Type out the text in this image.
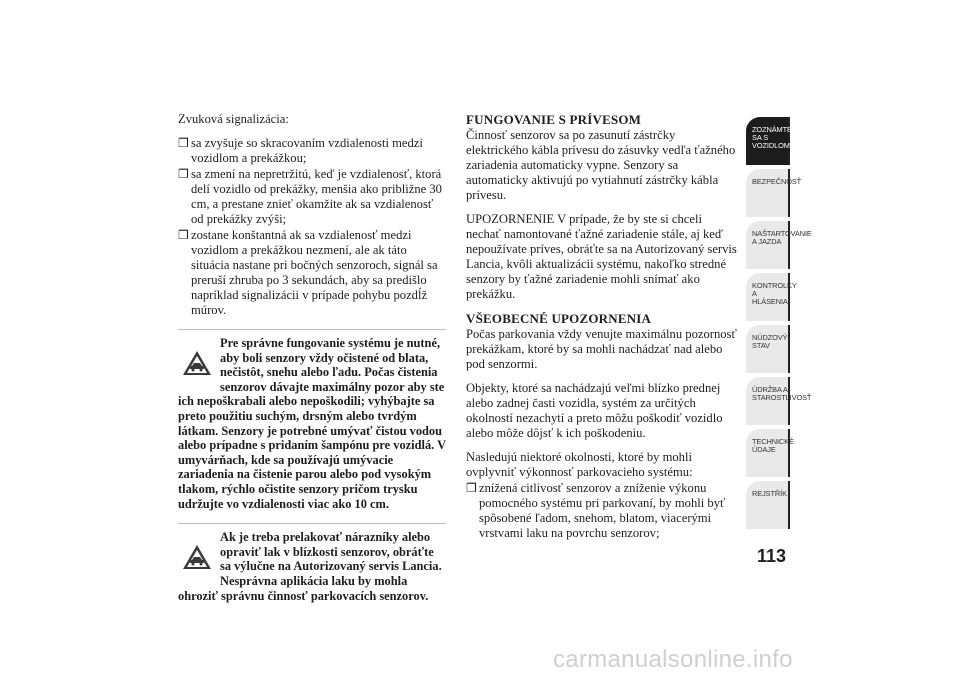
Zvuková signalizácia:

❒ sa zvyšuje so skracovaním vzdialenosti medzi vozidlom a prekážkou;
❒ sa zmení na nepretržitú, keď je vzdialenosť, ktorá delí vozidlo od prekážky, menšia ako približne 30 cm, a prestane znieť okamžite ak sa vzdialenosť od prekážky zvýši;
❒ zostane konštantná ak sa vzdialenosť medzi vozidlom a prekážkou nezmení, ale ak táto situácia nastane pri bočných senzoroch, signál sa preruší zhruba po 3 sekundách, aby sa predišlo napríklad signalizácii v prípade pohybu pozdĺž múrov.
Pre správne fungovanie systému je nutné, aby boli senzory vždy očistené od blata, nečistôt, snehu alebo ľadu. Počas čistenia senzorov dávajte maximálny pozor aby ste ich nepoškrabali alebo nepoškodili; vyhýbajte sa preto použitiu suchým, drsným alebo tvrdým látkam. Senzory je potrebné umývať čistou vodou alebo prípadne s pridaním šampónu pre vozidlá. V umyvárňach, kde sa používajú umývacie zariadenia na čistenie parou alebo pod vysokým tlakom, rýchlo očistite senzory pričom trysku udržujte vo vzdialenosti viac ako 10 cm.
Ak je treba prelakovať nárazníky alebo opraviť lak v blízkosti senzorov, obráťte sa výlučne na Autorizovaný servis Lancia. Nesprávna aplikácia laku by mohla ohroziť správnu činnosť parkovacích senzorov.
FUNGOVANIE S PRÍVESOM

Činnosť senzorov sa po zasunutí zástrčky elektrického kábla prívesu do zásuvky vedľa ťažného zariadenia automaticky vypne. Senzory sa automaticky aktivujú po vytiahnutí zástrčky kábla prívesu.

UPOZORNENIE V prípade, že by ste si chceli nechať namontované ťažné zariadenie stále, aj keď nepoužívate príves, obráťte sa na Autorizovaný servis Lancia, kvôli aktualizácii systému, nakoľko stredné senzory by ťažné zariadenie mohli snímať ako prekážku.

VŠEOBECNÉ UPOZORNENIA

Počas parkovania vždy venujte maximálnu pozornosť prekážkam, ktoré by sa mohli nachádzať nad alebo pod senzormi.

Objekty, ktoré sa nachádzajú veľmi blízko prednej alebo zadnej časti vozidla, systém za určitých okolností nezachytí a preto môžu poškodiť vozidlo alebo môže dôjsť k ich poškodeniu.

Nasledujú niektoré okolnosti, ktoré by mohli ovplyvniť výkonnosť parkovacieho systému:

❒ znížená citlivosť senzorov a zníženie výkonu pomocného systému pri parkovaní, by mohli byť spôsobené ľadom, snehom, blatom, viacerými vrstvami laku na povrchu senzorov;
ZOZNÁMTE SA S VOZIDLOM
BEZPEČNOSŤ
NAŠTARTOVANIE A JAZDA
KONTROLKY A HLÁSENIA
NÚDZOVÝ STAV
ÚDRŽBA A STAROSTLIVOSŤ
TECHNICKÉ ÚDAJE
REJSTŘÍK
113
carmanualsonline.info
